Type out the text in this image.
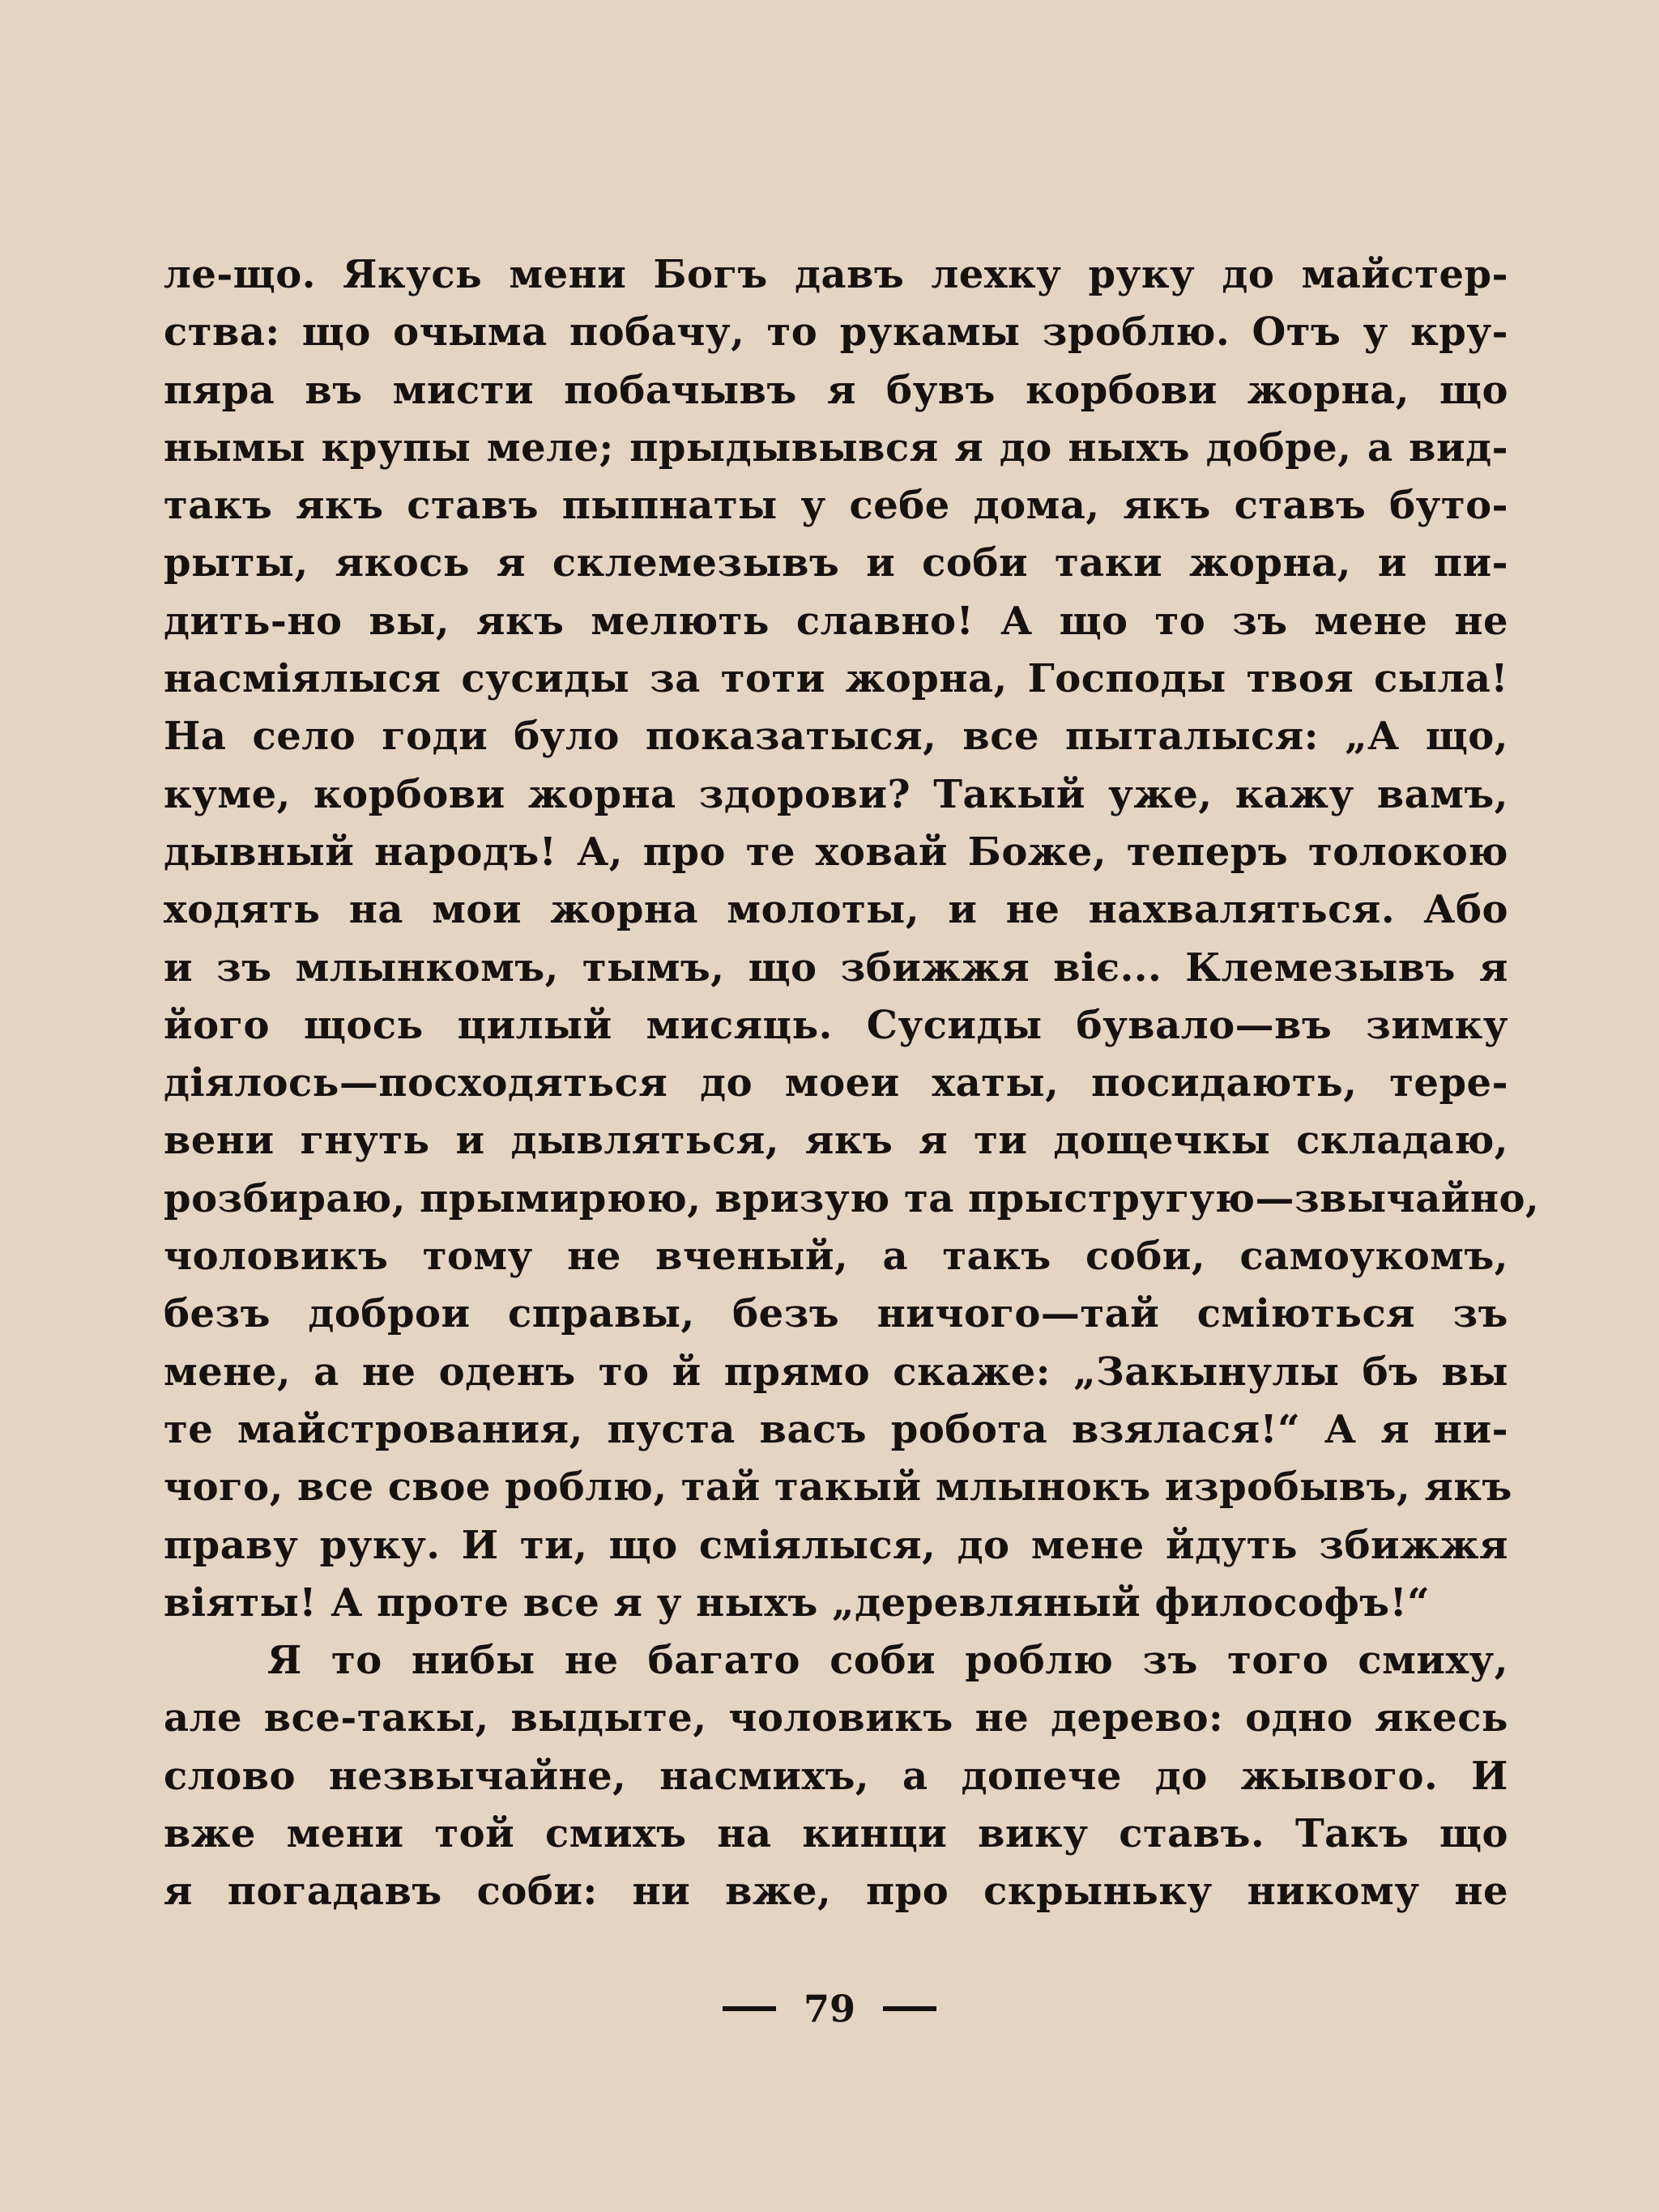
ле-що. Якусь мени Богъ давъ лехку руку до майстер-
ства: що очыма побачу, то рукамы зроблю. Отъ у кру-
пяра въ мисти побачывъ я бувъ корбови жорна, що
нымы крупы меле; прыдывывся я до ныхъ добре, а вид-
такъ якъ ставъ пыпнаты у себе дома, якъ ставъ буто-
рыты, якось я склемезывъ и соби таки жорна, и пи-
дить-но вы, якъ мелють славно! А що то зъ мене не
насміялыся сусиды за тоти жорна, Господы твоя сыла!
На село годи було показатыся, все пыталыся: „А що,
куме, корбови жорна здорови? Такый уже, кажу вамъ,
дывный народъ! А, про те ховай Боже, теперъ толокою
ходять на мои жорна молоты, и не нахваляться. Або
и зъ млынкомъ, тымъ, що збижжя віє... Клемезывъ я
його щось цилый мисяць. Сусиды бувало—въ зимку
діялось—посходяться до моеи хаты, посидають, тере-
вени гнуть и дывляться, якъ я ти дощечкы складаю,
розбираю, прымирюю, вризую та прыстругую—звычайно,
чоловикъ тому не вченый, а такъ соби, самоукомъ,
безъ доброи справы, безъ ничого—тай сміються зъ
мене, а не оденъ то й прямо скаже: „Закынулы бъ вы
те майстрования, пуста васъ робота взялася!“ А я ни-
чого, все свое роблю, тай такый млынокъ изробывъ, якъ
праву руку. И ти, що сміялыся, до мене йдуть збижжя
віяты! А проте все я у ныхъ „деревляный философъ!“
Я то нибы не багато соби роблю зъ того смиху,
але все-такы, выдыте, чоловикъ не дерево: одно якесь
слово незвычайне, насмихъ, а допече до жывого. И
вже мени той смихъ на кинци вику ставъ. Такъ що
я погадавъ соби: ни вже, про скрыньку никому не
79
